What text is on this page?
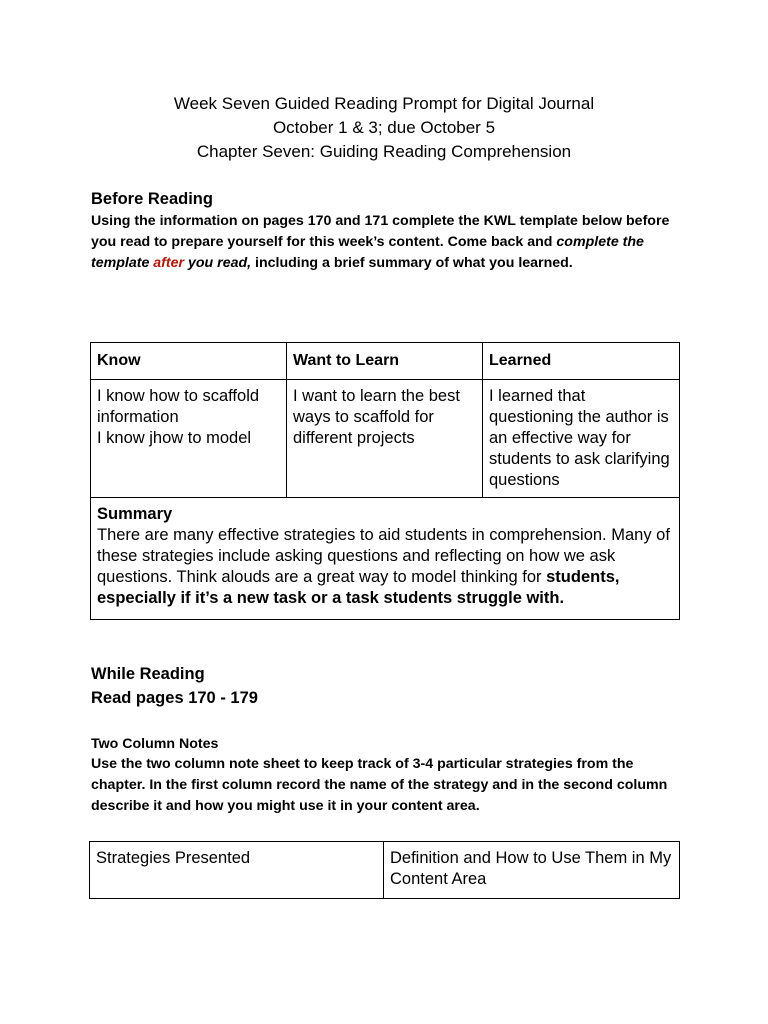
Week Seven Guided Reading Prompt for Digital Journal
October 1 & 3; due October 5
Chapter Seven: Guiding Reading Comprehension
Before Reading
Using the information on pages 170 and 171 complete the KWL template below before you read to prepare yourself for this week’s content. Come back and complete the template after you read, including a brief summary of what you learned.
Know	Want to Learn	Learned

I know how to scaffold information
I know jhow to model	I want to learn the best ways to scaffold for different projects	I learned that questioning the author is an effective way for students to ask clarifying questions

Summary
There are many effective strategies to aid students in comprehension. Many of these strategies include asking questions and reflecting on how we ask questions. Think alouds are a great way to model thinking for students, especially if it’s a new task or a task students struggle with.		
While Reading
Read pages 170 - 179
Two Column Notes
Use the two column note sheet to keep track of 3-4 particular strategies from the chapter. In the first column record the name of the strategy and in the second column describe it and how you might use it in your content area.
Strategies Presented	Definition and How to Use Them in My Content Area
